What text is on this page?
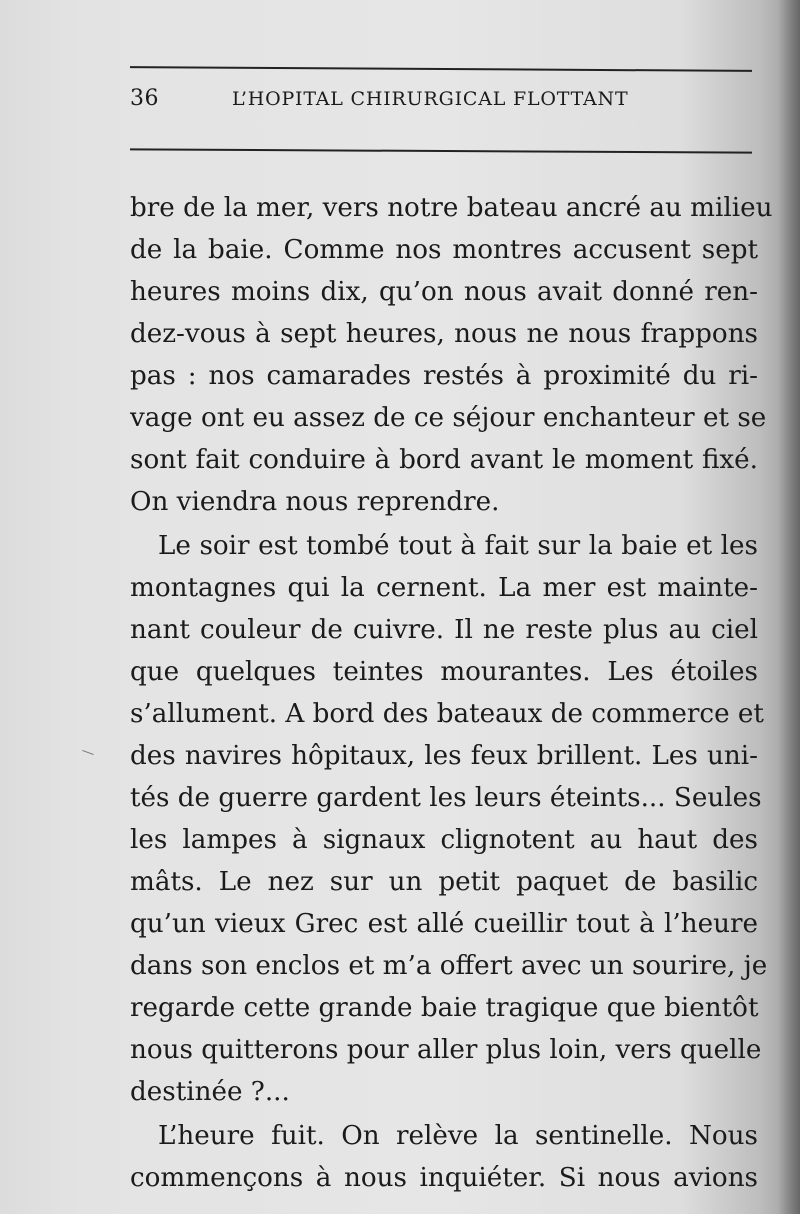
36	L’HOPITAL CHIRURGICAL FLOTTANT
bre de la mer, vers notre bateau ancré au milieu
de la baie. Comme nos montres accusent sept
heures moins dix, qu’on nous avait donné ren-
dez-vous à sept heures, nous ne nous frappons
pas : nos camarades restés à proximité du ri-
vage ont eu assez de ce séjour enchanteur et se
sont fait conduire à bord avant le moment fixé.
On viendra nous reprendre.
Le soir est tombé tout à fait sur la baie et les
montagnes qui la cernent. La mer est mainte-
nant couleur de cuivre. Il ne reste plus au ciel
que quelques teintes mourantes. Les étoiles
s’allument. A bord des bateaux de commerce et
des navires hôpitaux, les feux brillent. Les uni-
tés de guerre gardent les leurs éteints... Seules
les lampes à signaux clignotent au haut des
mâts. Le nez sur un petit paquet de basilic
qu’un vieux Grec est allé cueillir tout à l’heure
dans son enclos et m’a offert avec un sourire, je
regarde cette grande baie tragique que bientôt
nous quitterons pour aller plus loin, vers quelle
destinée ?...
L’heure fuit. On relève la sentinelle. Nous
commençons à nous inquiéter. Si nous avions
